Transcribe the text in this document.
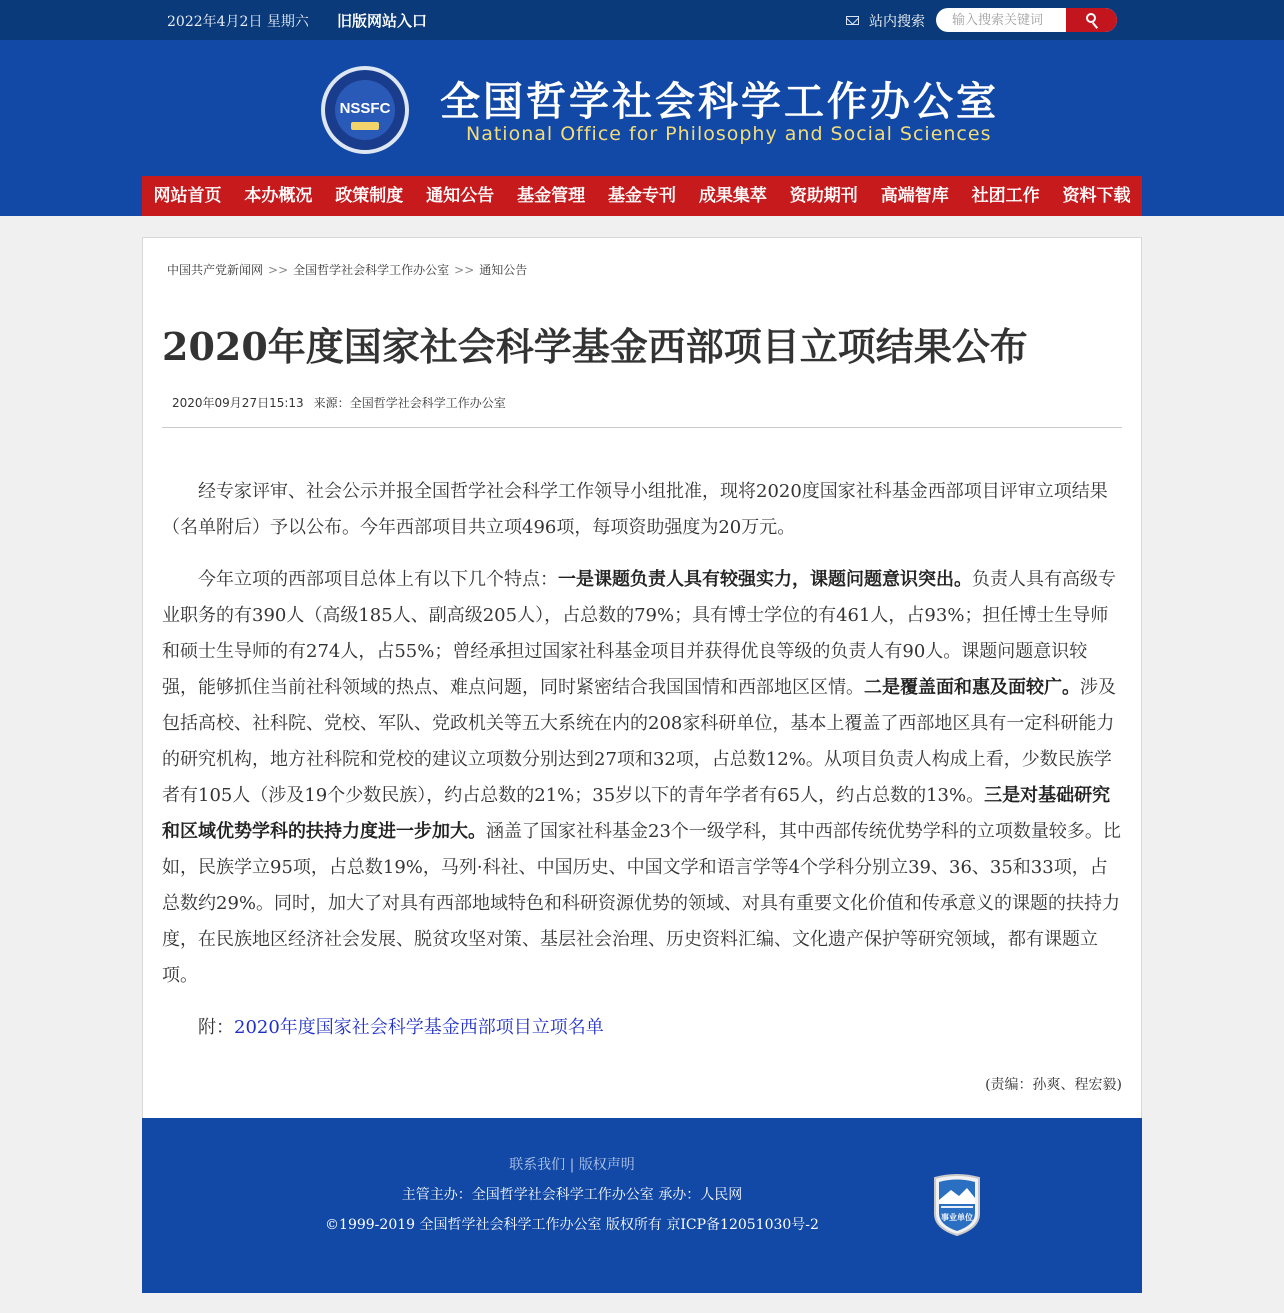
2022年4月2日 星期六 旧版网站入口	站内搜索
输入搜索关键词
NSSFC	全国哲学社会科学工作办公室
National Office for Philosophy and Social Sciences
网站首页	本办概况	政策制度	通知公告	基金管理	基金专刊	成果集萃	资助期刊	高端智库	社团工作	资料下载
中国共产党新闻网 >> 全国哲学社会科学工作办公室 >> 通知公告
2020年度国家社会科学基金西部项目立项结果公布
2020年09月27日15:13 来源：全国哲学社会科学工作办公室

经专家评审、社会公示并报全国哲学社会科学工作领导小组批准，现将2020度国家社科基金西部项目评审立项结果（名单附后）予以公布。今年西部项目共立项496项，每项资助强度为20万元。

今年立项的西部项目总体上有以下几个特点：一是课题负责人具有较强实力，课题问题意识突出。负责人具有高级专业职务的有390人（高级185人、副高级205人），占总数的79%；具有博士学位的有461人，占93%；担任博士生导师和硕士生导师的有274人，占55%；曾经承担过国家社科基金项目并获得优良等级的负责人有90人。课题问题意识较强，能够抓住当前社科领域的热点、难点问题，同时紧密结合我国国情和西部地区区情。二是覆盖面和惠及面较广。涉及包括高校、社科院、党校、军队、党政机关等五大系统在内的208家科研单位，基本上覆盖了西部地区具有一定科研能力的研究机构，地方社科院和党校的建议立项数分别达到27项和32项，占总数12%。从项目负责人构成上看，少数民族学者有105人（涉及19个少数民族），约占总数的21%；35岁以下的青年学者有65人，约占总数的13%。三是对基础研究和区域优势学科的扶持力度进一步加大。涵盖了国家社科基金23个一级学科，其中西部传统优势学科的立项数量较多。比如，民族学立95项，占总数19%，马列·科社、中国历史、中国文学和语言学等4个学科分别立39、36、35和33项，占总数约29%。同时，加大了对具有西部地域特色和科研资源优势的领域、对具有重要文化价值和传承意义的课题的扶持力度，在民族地区经济社会发展、脱贫攻坚对策、基层社会治理、历史资料汇编、文化遗产保护等研究领域，都有课题立项。

附：2020年度国家社会科学基金西部项目立项名单

(责编：孙爽、程宏毅)
联系我们 | 版权声明
主管主办：全国哲学社会科学工作办公室 承办：人民网
©1999-2019 全国哲学社会科学工作办公室 版权所有 京ICP备12051030号-2	事业单位
